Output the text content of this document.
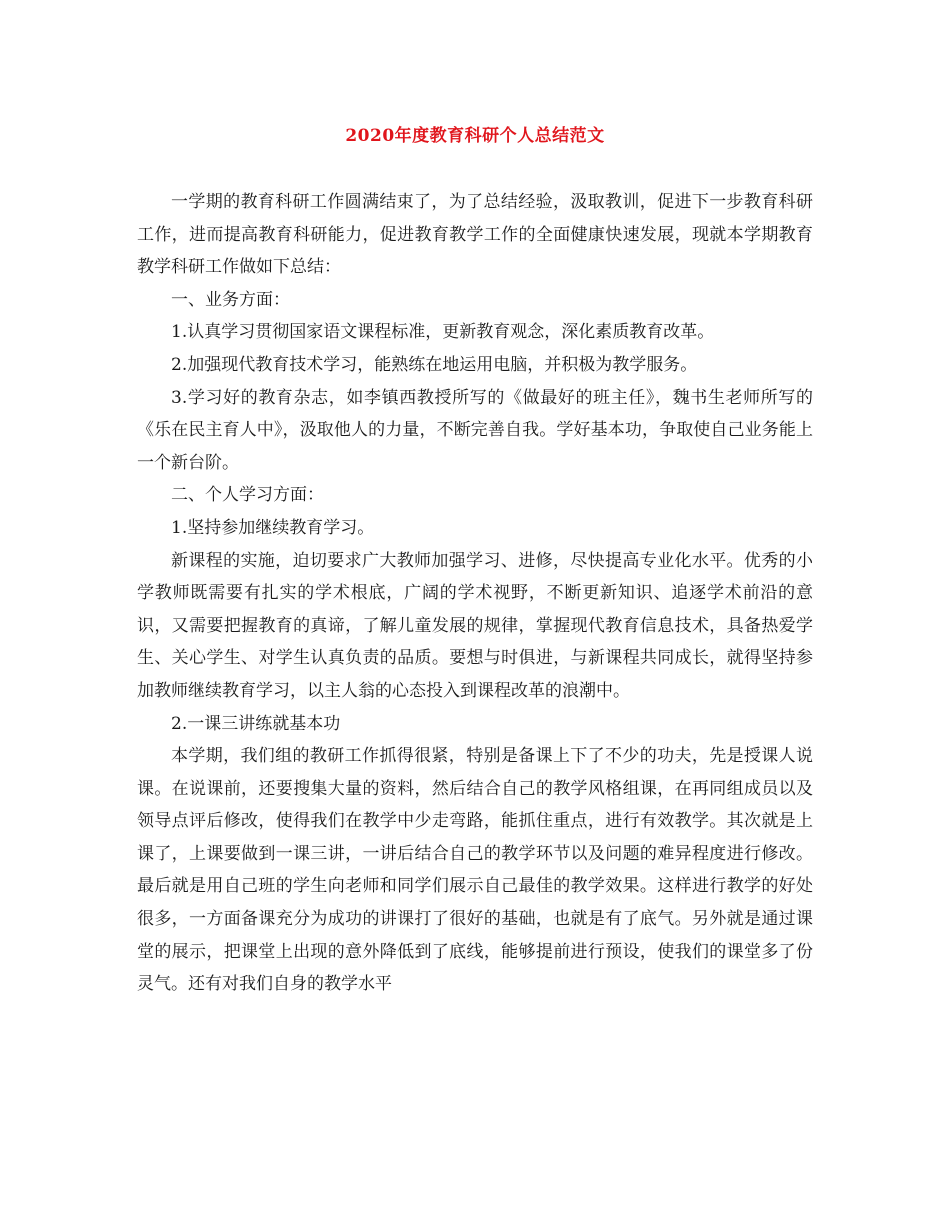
2020年度教育科研个人总结范文

一学期的教育科研工作圆满结束了，为了总结经验，汲取教训，促进下一步教育科研工作，进而提高教育科研能力，促进教育教学工作的全面健康快速发展，现就本学期教育教学科研工作做如下总结：

一、业务方面：

1.认真学习贯彻国家语文课程标准，更新教育观念，深化素质教育改革。

2.加强现代教育技术学习，能熟练在地运用电脑，并积极为教学服务。

3.学习好的教育杂志，如李镇西教授所写的《做最好的班主任》，魏书生老师所写的《乐在民主育人中》，汲取他人的力量，不断完善自我。学好基本功，争取使自己业务能上一个新台阶。

二、个人学习方面：

1.坚持参加继续教育学习。

新课程的实施，迫切要求广大教师加强学习、进修，尽快提高专业化水平。优秀的小学教师既需要有扎实的学术根底，广阔的学术视野，不断更新知识、追逐学术前沿的意识，又需要把握教育的真谛，了解儿童发展的规律，掌握现代教育信息技术，具备热爱学生、关心学生、对学生认真负责的品质。要想与时俱进，与新课程共同成长，就得坚持参加教师继续教育学习，以主人翁的心态投入到课程改革的浪潮中。

2.一课三讲练就基本功

本学期，我们组的教研工作抓得很紧，特别是备课上下了不少的功夫，先是授课人说课。在说课前，还要搜集大量的资料，然后结合自己的教学风格组课，在再同组成员以及领导点评后修改，使得我们在教学中少走弯路，能抓住重点，进行有效教学。其次就是上课了，上课要做到一课三讲，一讲后结合自己的教学环节以及问题的难异程度进行修改。最后就是用自己班的学生向老师和同学们展示自己最佳的教学效果。这样进行教学的好处很多，一方面备课充分为成功的讲课打了很好的基础，也就是有了底气。另外就是通过课堂的展示，把课堂上出现的意外降低到了底线，能够提前进行预设，使我们的课堂多了份灵气。还有对我们自身的教学水平
